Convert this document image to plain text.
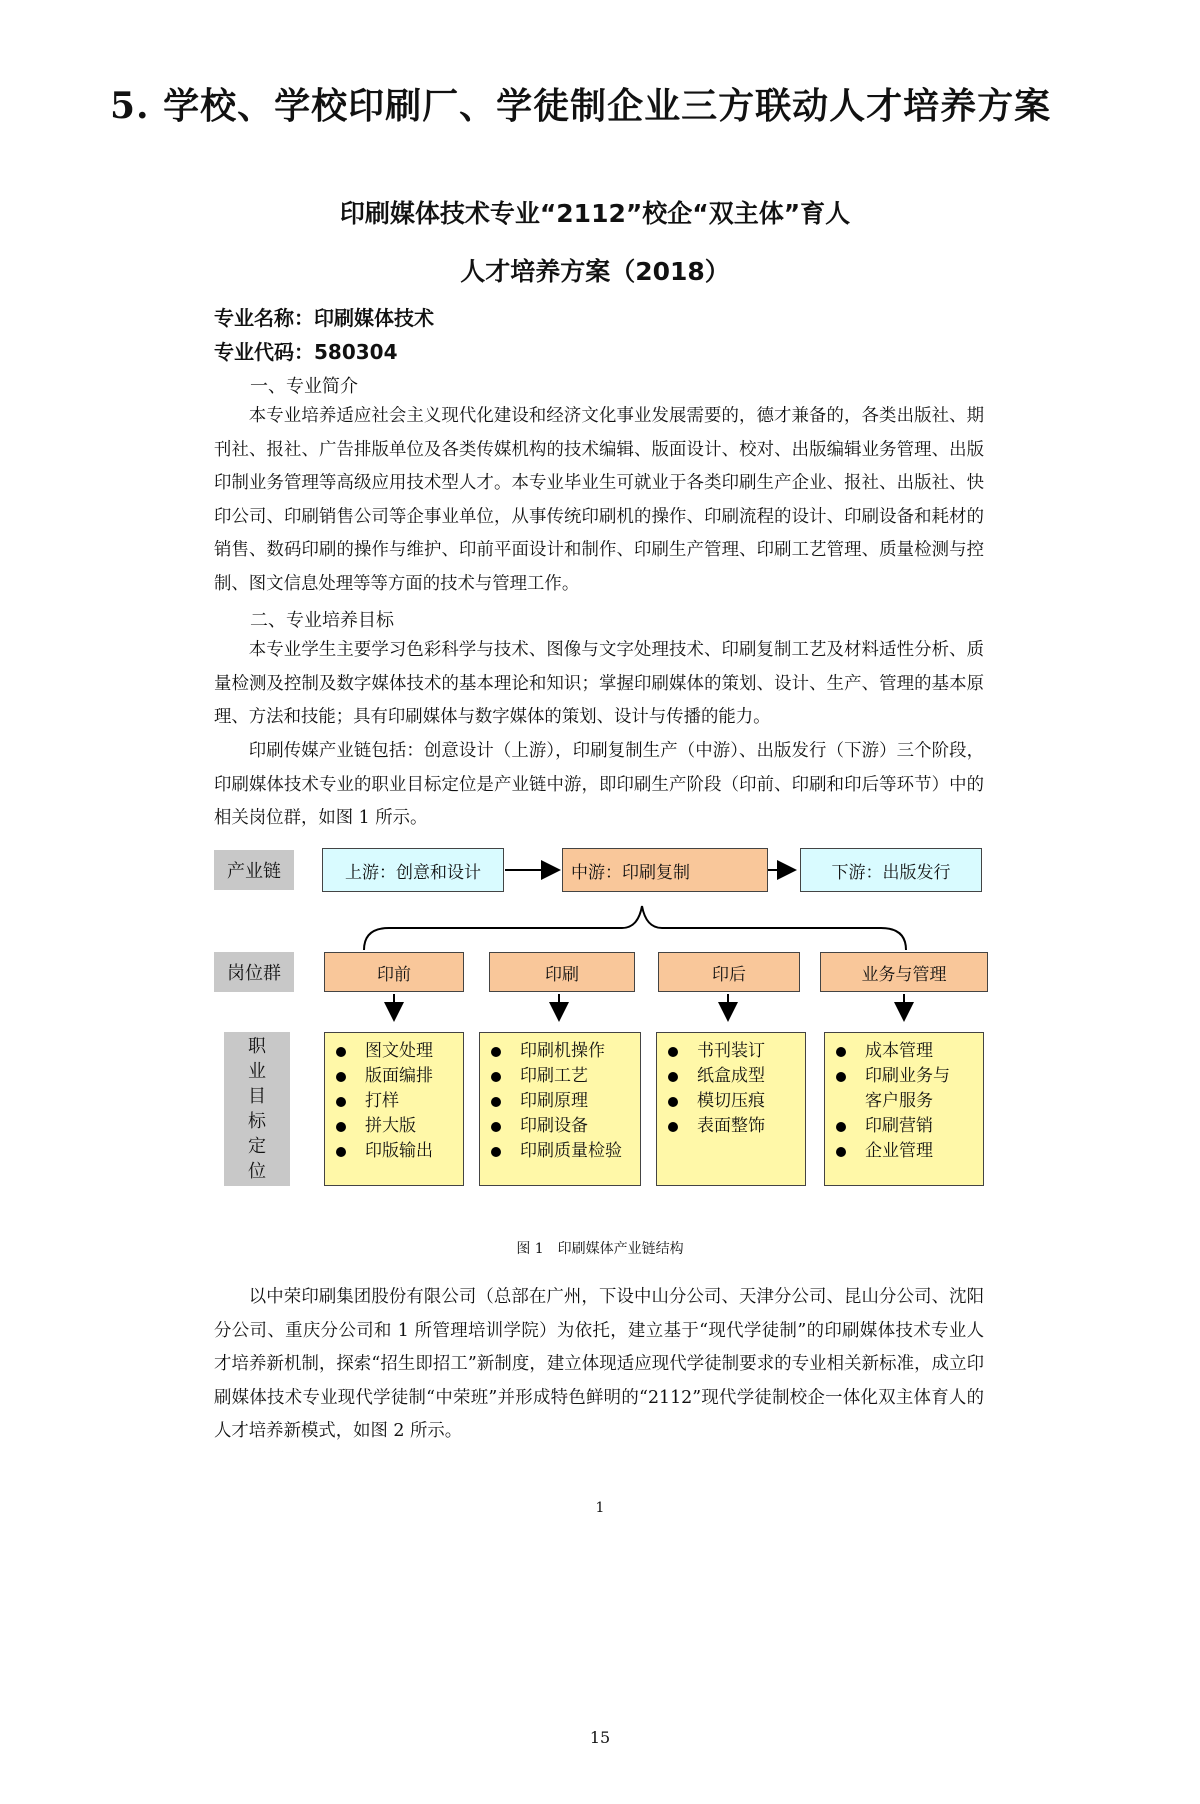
5. 学校、学校印刷厂、学徒制企业三方联动人才培养方案
印刷媒体技术专业“2112”校企“双主体”育人
人才培养方案（2018）
专业名称：印刷媒体技术
专业代码：580304
一、专业简介
本专业培养适应社会主义现代化建设和经济文化事业发展需要的，德才兼备的，各类出版社、期刊社、报社、广告排版单位及各类传媒机构的技术编辑、版面设计、校对、出版编辑业务管理、出版印制业务管理等高级应用技术型人才。本专业毕业生可就业于各类印刷生产企业、报社、出版社、快印公司、印刷销售公司等企事业单位，从事传统印刷机的操作、印刷流程的设计、印刷设备和耗材的销售、数码印刷的操作与维护、印前平面设计和制作、印刷生产管理、印刷工艺管理、质量检测与控制、图文信息处理等等方面的技术与管理工作。
二、专业培养目标
本专业学生主要学习色彩科学与技术、图像与文字处理技术、印刷复制工艺及材料适性分析、质量检测及控制及数字媒体技术的基本理论和知识；掌握印刷媒体的策划、设计、生产、管理的基本原理、方法和技能；具有印刷媒体与数字媒体的策划、设计与传播的能力。
印刷传媒产业链包括：创意设计（上游），印刷复制生产（中游）、出版发行（下游）三个阶段，印刷媒体技术专业的职业目标定位是产业链中游，即印刷生产阶段（印前、印刷和印后等环节）中的相关岗位群，如图 1 所示。
产业链	上游：创意和设计	中游：印刷复制	下游：出版发行
岗位群	印前	印刷	印后	业务与管理
职
业
目
标
定
位
图文处理
版面编排
打样
拼大版
印版输出
印刷机操作
印刷工艺
印刷原理
印刷设备
印刷质量检验
书刊装订
纸盒成型
模切压痕
表面整饰
成本管理
印刷业务与
客户服务
印刷营销
企业管理
图 1　印刷媒体产业链结构
以中荣印刷集团股份有限公司（总部在广州，下设中山分公司、天津分公司、昆山分公司、沈阳分公司、重庆分公司和 1 所管理培训学院）为依托，建立基于“现代学徒制”的印刷媒体技术专业人才培养新机制，探索“招生即招工”新制度，建立体现适应现代学徒制要求的专业相关新标准，成立印刷媒体技术专业现代学徒制“中荣班”并形成特色鲜明的“2112”现代学徒制校企一体化双主体育人的人才培养新模式，如图 2 所示。
1
15
